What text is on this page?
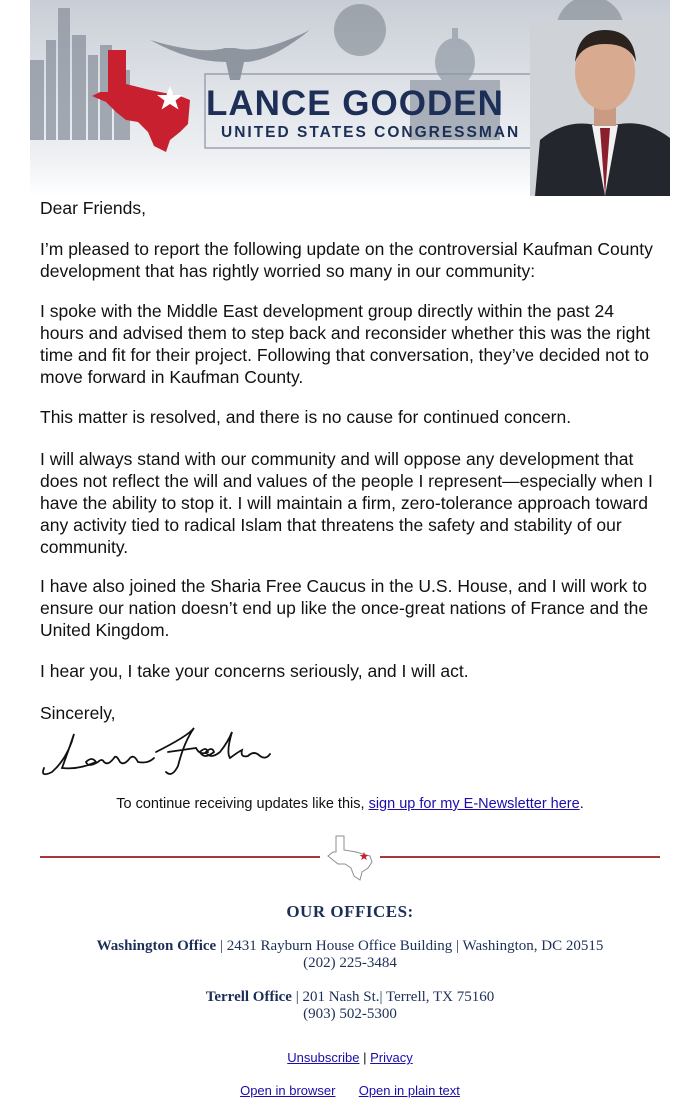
LANCE GOODEN
UNITED STATES CONGRESSMAN

Dear Friends,

I’m pleased to report the following update on the controversial Kaufman County development that has rightly worried so many in our community:

I spoke with the Middle East development group directly within the past 24 hours and advised them to step back and reconsider whether this was the right time and fit for their project. Following that conversation, they’ve decided not to move forward in Kaufman County.

This matter is resolved, and there is no cause for continued concern.

I will always stand with our community and will oppose any development that does not reflect the will and values of the people I represent—especially when I have the ability to stop it. I will maintain a firm, zero-tolerance approach toward any activity tied to radical Islam that threatens the safety and stability of our community.

I have also joined the Sharia Free Caucus in the U.S. House, and I will work to ensure our nation doesn’t end up like the once-great nations of France and the United Kingdom.

I hear you, I take your concerns seriously, and I will act.

Sincerely,

To continue receiving updates like this, sign up for my E-Newsletter here.
OUR OFFICES:
Washington Office | 2431 Rayburn House Office Building | Washington, DC 20515
(202) 225-3484
Terrell Office | 201 Nash St.| Terrell, TX 75160
(903) 502-5300
Unsubscribe | Privacy
Open in browser Open in plain text
